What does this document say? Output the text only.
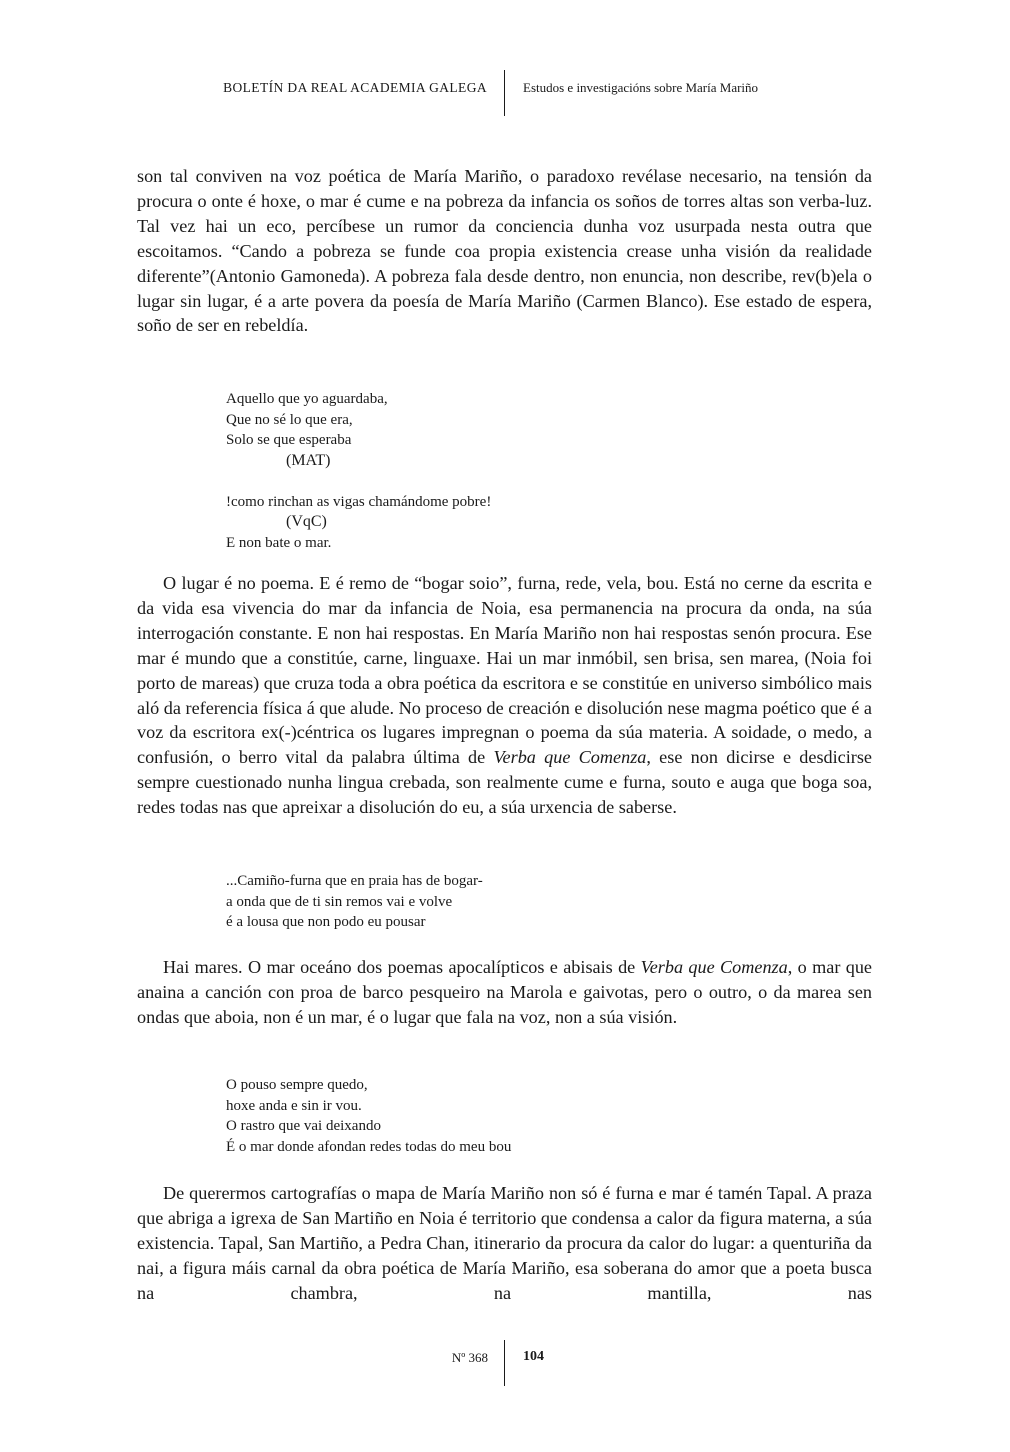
BOLETÍN DA REAL ACADEMIA GALEGA	Estudos e investigacións sobre María Mariño

son tal conviven na voz poética de María Mariño, o paradoxo revélase necesario, na tensión da procura o onte é hoxe, o mar é cume e na pobreza da infancia os soños de torres altas son verba-luz. Tal vez hai un eco, percíbese un rumor da conciencia dunha voz usurpada nesta outra que escoitamos. “Cando a pobreza se funde coa propia existencia crease unha visión da realidade diferente”(Antonio Gamoneda). A pobreza fala desde dentro, non enuncia, non describe, rev(b)ela o lugar sin lugar, é a arte povera da poesía de María Mariño (Carmen Blanco). Ese estado de espera, soño de ser en rebeldía.

Aquello que yo aguardaba,
Que no sé lo que era,
Solo se que esperaba
(MAT)
!como rinchan as vigas chamándome pobre!
(VqC)
E non bate o mar.

O lugar é no poema. E é remo de “bogar soio”, furna, rede, vela, bou. Está no cerne da escrita e da vida esa vivencia do mar da infancia de Noia, esa permanencia na procura da onda, na súa interrogación constante. E non hai respostas. En María Mariño non hai respostas senón procura. Ese mar é mundo que a constitúe, carne, linguaxe. Hai un mar inmóbil, sen brisa, sen marea, (Noia foi porto de mareas) que cruza toda a obra poética da escritora e se constitúe en universo simbólico mais aló da referencia física á que alude. No proceso de creación e disolución nese magma poético que é a voz da escritora ex(-)céntrica os lugares impregnan o poema da súa materia. A soidade, o medo, a confusión, o berro vital da palabra última de Verba que Comenza, ese non dicirse e desdicirse sempre cuestionado nunha lingua crebada, son realmente cume e furna, souto e auga que boga soa, redes todas nas que apreixar a disolución do eu, a súa urxencia de saberse.

...Camiño-furna que en praia has de bogar-
a onda que de ti sin remos vai e volve
é a lousa que non podo eu pousar

Hai mares. O mar oceáno dos poemas apocalípticos e abisais de Verba que Comenza, o mar que anaina a canción con proa de barco pesqueiro na Marola e gaivotas, pero o outro, o da marea sen ondas que aboia, non é un mar, é o lugar que fala na voz, non a súa visión.

O pouso sempre quedo,
hoxe anda e sin ir vou.
O rastro que vai deixando
É o mar donde afondan redes todas do meu bou

De querermos cartografías o mapa de María Mariño non só é furna e mar é tamén Tapal. A praza que abriga a igrexa de San Martiño en Noia é territorio que condensa a calor da figura materna, a súa existencia. Tapal, San Martiño, a Pedra Chan, itinerario da procura da calor do lugar: a quenturiña da nai, a figura máis carnal da obra poética de María Mariño, esa soberana do amor que a poeta busca na chambra, na mantilla, nas

Nº 368	104
